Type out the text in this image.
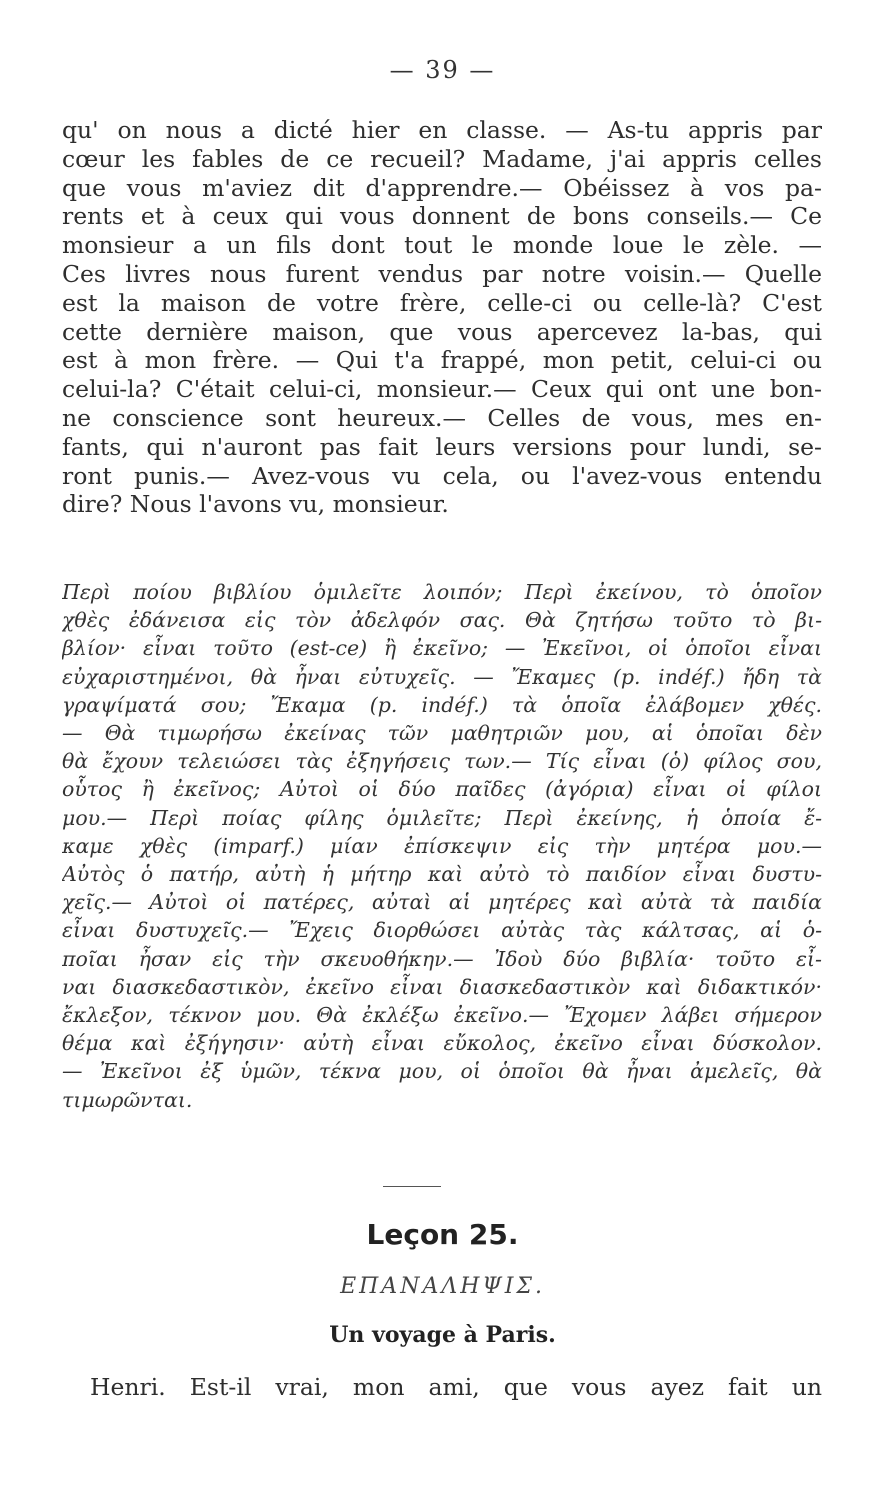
— 39 —
qu' on nous a dicté hier en classe. — As-tu appris par
cœur les fables de ce recueil? Madame, j'ai appris celles
que vous m'aviez dit d'apprendre.— Obéissez à vos pa-
rents et à ceux qui vous donnent de bons conseils.— Ce
monsieur a un fils dont tout le monde loue le zèle. —
Ces livres nous furent vendus par notre voisin.— Quelle
est la maison de votre frère, celle-ci ou celle-là? C'est
cette dernière maison, que vous apercevez la-bas, qui
est à mon frère. — Qui t'a frappé, mon petit, celui-ci ou
celui-la? C'était celui-ci, monsieur.— Ceux qui ont une bon-
ne conscience sont heureux.— Celles de vous, mes en-
fants, qui n'auront pas fait leurs versions pour lundi, se-
ront punis.— Avez-vous vu cela, ou l'avez-vous entendu
dire? Nous l'avons vu, monsieur.
Περὶ ποίου βιβλίου ὁμιλεῖτε λοιπόν; Περὶ ἐκείνου, τὸ ὁποῖον
χθὲς ἐδάνεισα εἰς τὸν ἀδελφόν σας. Θὰ ζητήσω τοῦτο τὸ βι-
βλίον· εἶναι τοῦτο (est-ce) ἢ ἐκεῖνο; — Ἐκεῖνοι, οἱ ὁποῖοι εἶναι
εὐχαριστημένοι, θὰ ἦναι εὐτυχεῖς. — Ἔκαμες (p. indéf.) ἤδη τὰ
γραψίματά σου; Ἔκαμα (p. indéf.) τὰ ὁποῖα ἐλάβομεν χθές.
— Θὰ τιμωρήσω ἐκείνας τῶν μαθητριῶν μου, αἱ ὁποῖαι δὲν
θὰ ἔχουν τελειώσει τὰς ἐξηγήσεις των.— Τίς εἶναι (ὁ) φίλος σου,
οὗτος ἢ ἐκεῖνος; Αὐτοὶ οἱ δύο παῖδες (ἀγόρια) εἶναι οἱ φίλοι
μου.— Περὶ ποίας φίλης ὁμιλεῖτε; Περὶ ἐκείνης, ἡ ὁποία ἔ-
καμε χθὲς (imparf.) μίαν ἐπίσκεψιν εἰς τὴν μητέρα μου.—
Αὐτὸς ὁ πατήρ, αὐτὴ ἡ μήτηρ καὶ αὐτὸ τὸ παιδίον εἶναι δυστυ-
χεῖς.— Αὐτοὶ οἱ πατέρες, αὐταὶ αἱ μητέρες καὶ αὐτὰ τὰ παιδία
εἶναι δυστυχεῖς.— Ἔχεις διορθώσει αὐτὰς τὰς κάλτσας, αἱ ὁ-
ποῖαι ἦσαν εἰς τὴν σκευοθήκην.— Ἰδοὺ δύο βιβλία· τοῦτο εἶ-
ναι διασκεδαστικὸν, ἐκεῖνο εἶναι διασκεδαστικὸν καὶ διδακτικόν·
ἔκλεξον, τέκνον μου. Θὰ ἐκλέξω ἐκεῖνο.— Ἔχομεν λάβει σήμερον
θέμα καὶ ἐξήγησιν· αὐτὴ εἶναι εὔκολος, ἐκεῖνο εἶναι δύσκολον.
— Ἐκεῖνοι ἐξ ὑμῶν, τέκνα μου, οἱ ὁποῖοι θὰ ἦναι ἀμελεῖς, θὰ
τιμωρῶνται.
Leçon 25.
ΕΠΑΝΑΛΗΨΙΣ.
Un voyage à Paris.
Henri. Est-il vrai, mon ami, que vous ayez fait un
